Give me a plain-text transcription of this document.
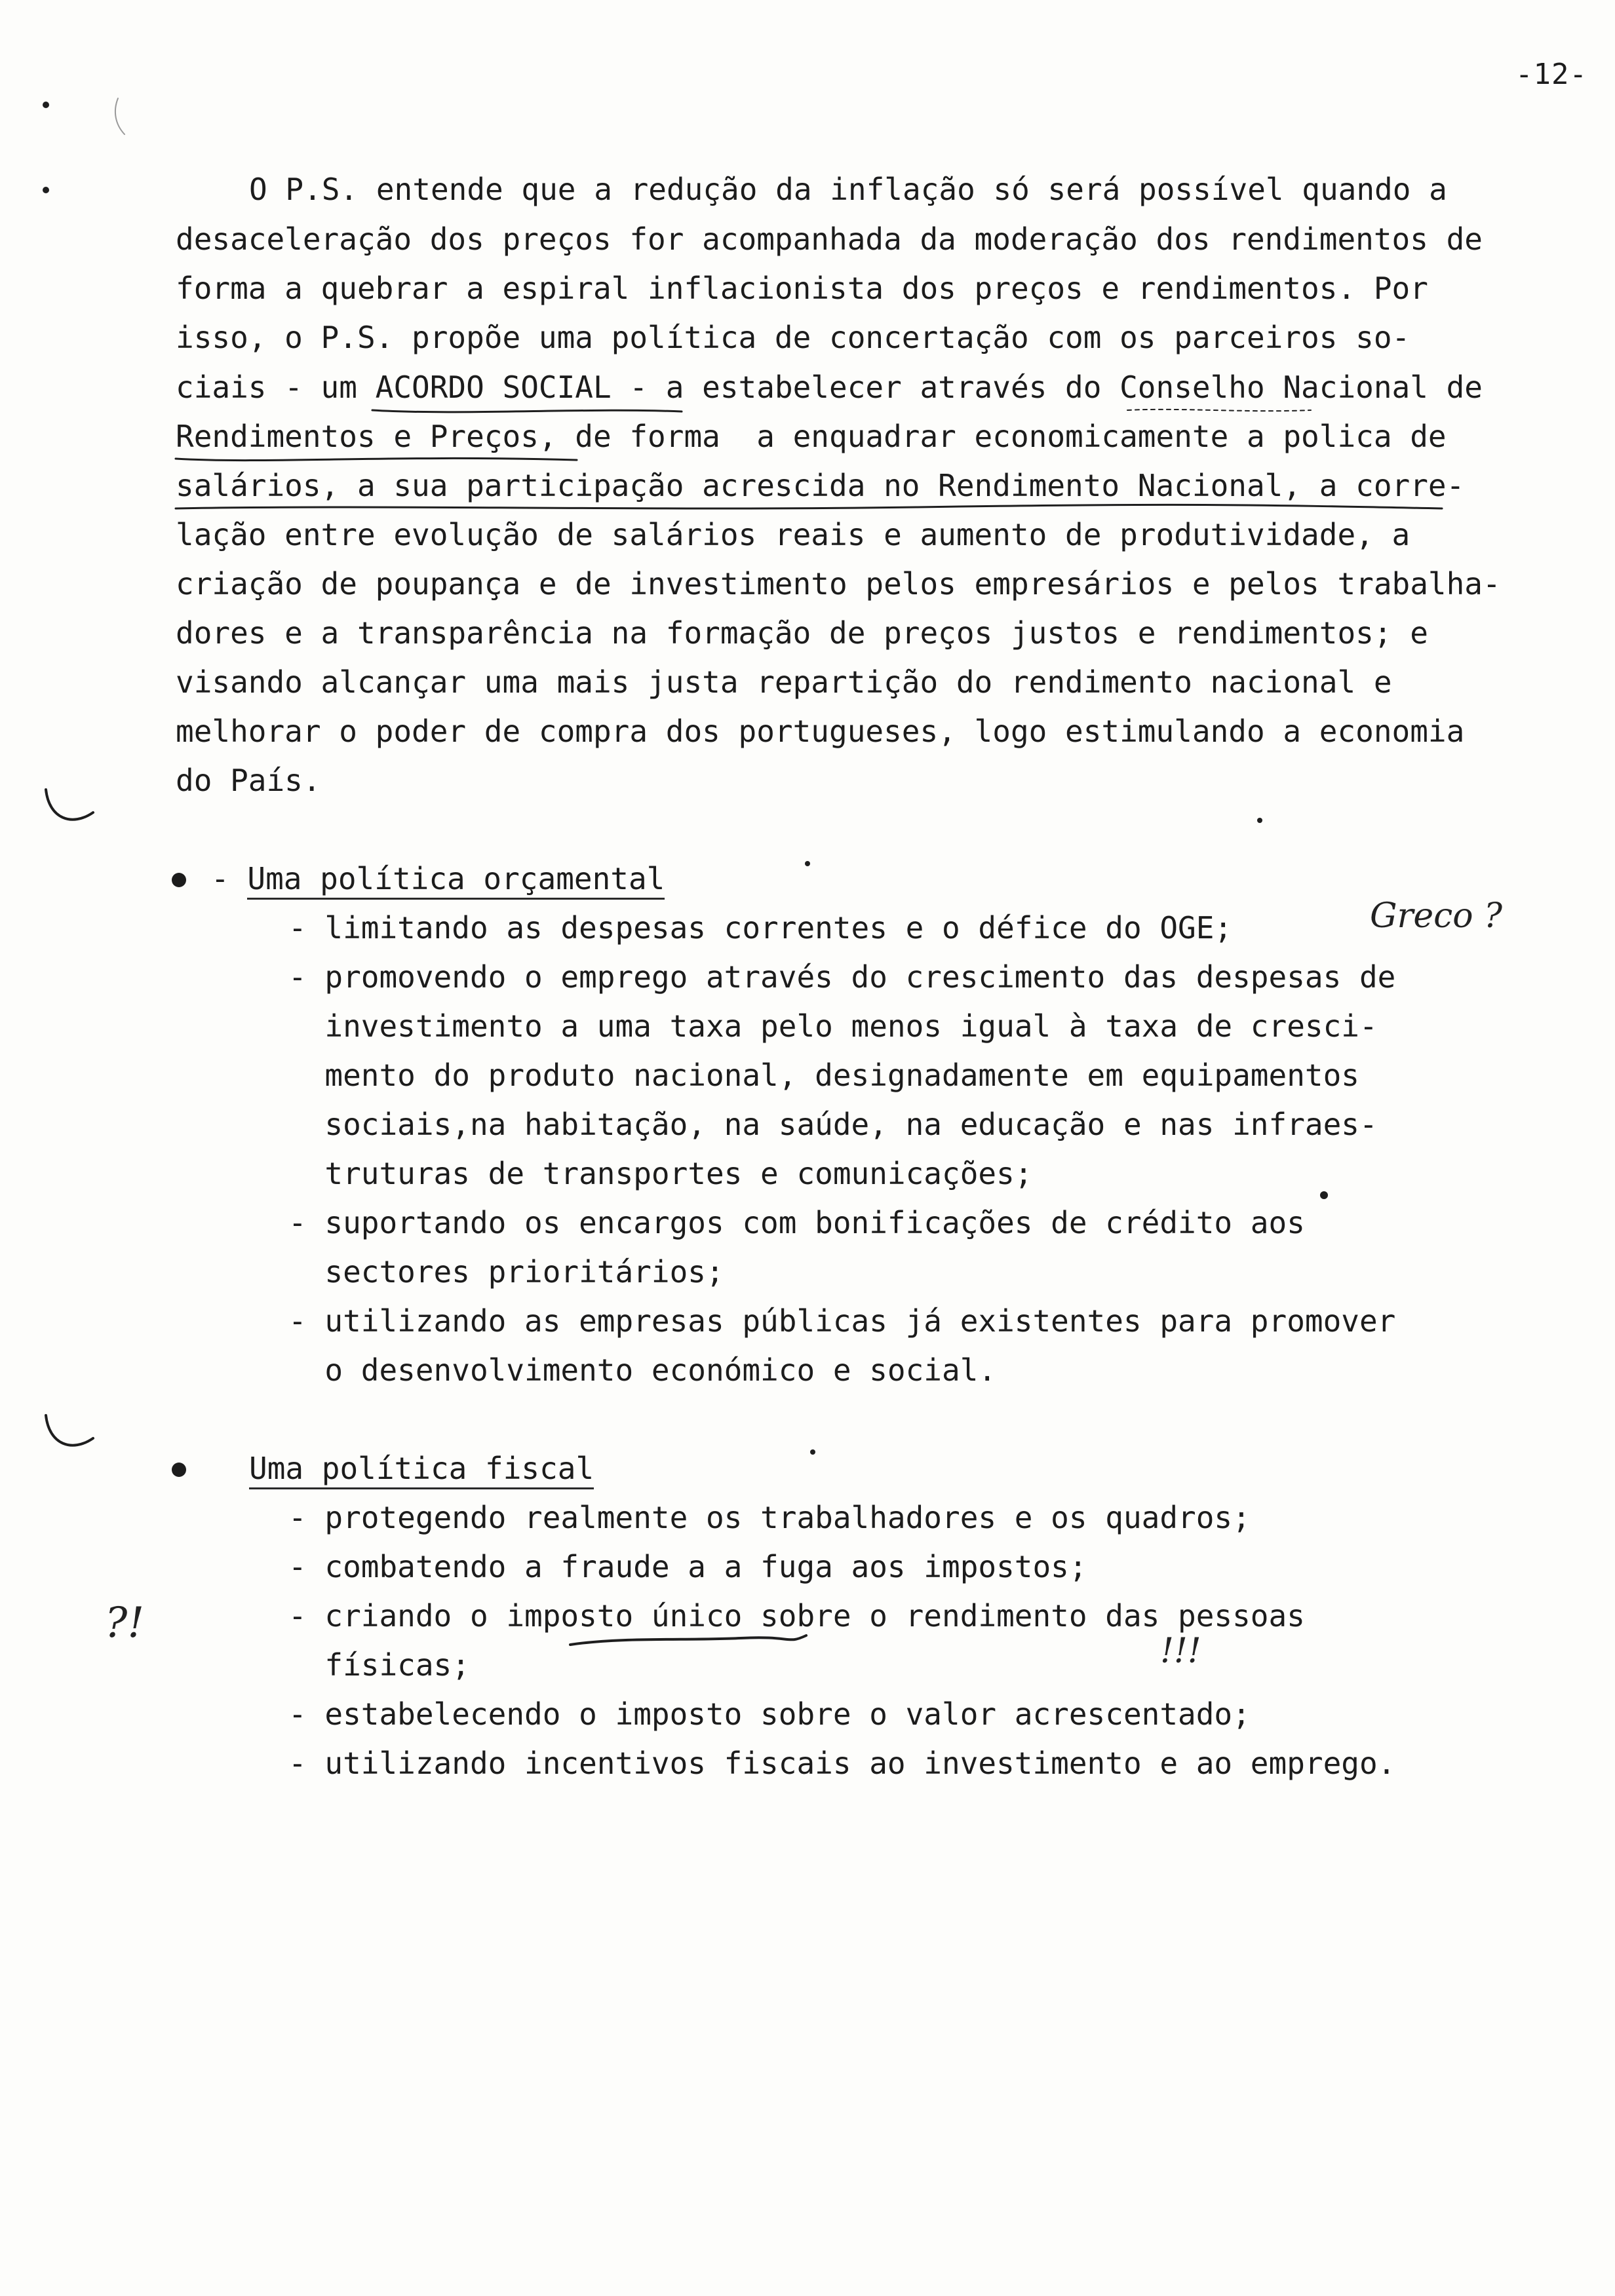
-12-
O P.S. entende que a redução da inflação só será possível quando a
desaceleração dos preços for acompanhada da moderação dos rendimentos de
forma a quebrar a espiral inflacionista dos preços e rendimentos. Por
isso, o P.S. propõe uma política de concertação com os parceiros so-
ciais - um ACORDO SOCIAL - a estabelecer através do Conselho Nacional de
Rendimentos e Preços, de forma  a enquadrar economicamente a polica de
salários, a sua participação acrescida no Rendimento Nacional, a corre-
lação entre evolução de salários reais e aumento de produtividade, a
criação de poupança e de investimento pelos empresários e pelos trabalha-
dores e a transparência na formação de preços justos e rendimentos; e
visando alcançar uma mais justa repartição do rendimento nacional e
melhorar o poder de compra dos portugueses, logo estimulando a economia
do País.
- Uma política orçamental
- limitando as despesas correntes e o défice do OGE;
- promovendo o emprego através do crescimento das despesas de
investimento a uma taxa pelo menos igual à taxa de cresci-
mento do produto nacional, designadamente em equipamentos
sociais,na habitação, na saúde, na educação e nas infraes-
truturas de transportes e comunicações;
- suportando os encargos com bonificações de crédito aos
sectores prioritários;
- utilizando as empresas públicas já existentes para promover
o desenvolvimento económico e social.
Uma política fiscal
- protegendo realmente os trabalhadores e os quadros;
- combatendo a fraude a a fuga aos impostos;
- criando o imposto único sobre o rendimento das pessoas
físicas;
- estabelecendo o imposto sobre o valor acrescentado;
- utilizando incentivos fiscais ao investimento e ao emprego.
Greco ?
?!
!!!
